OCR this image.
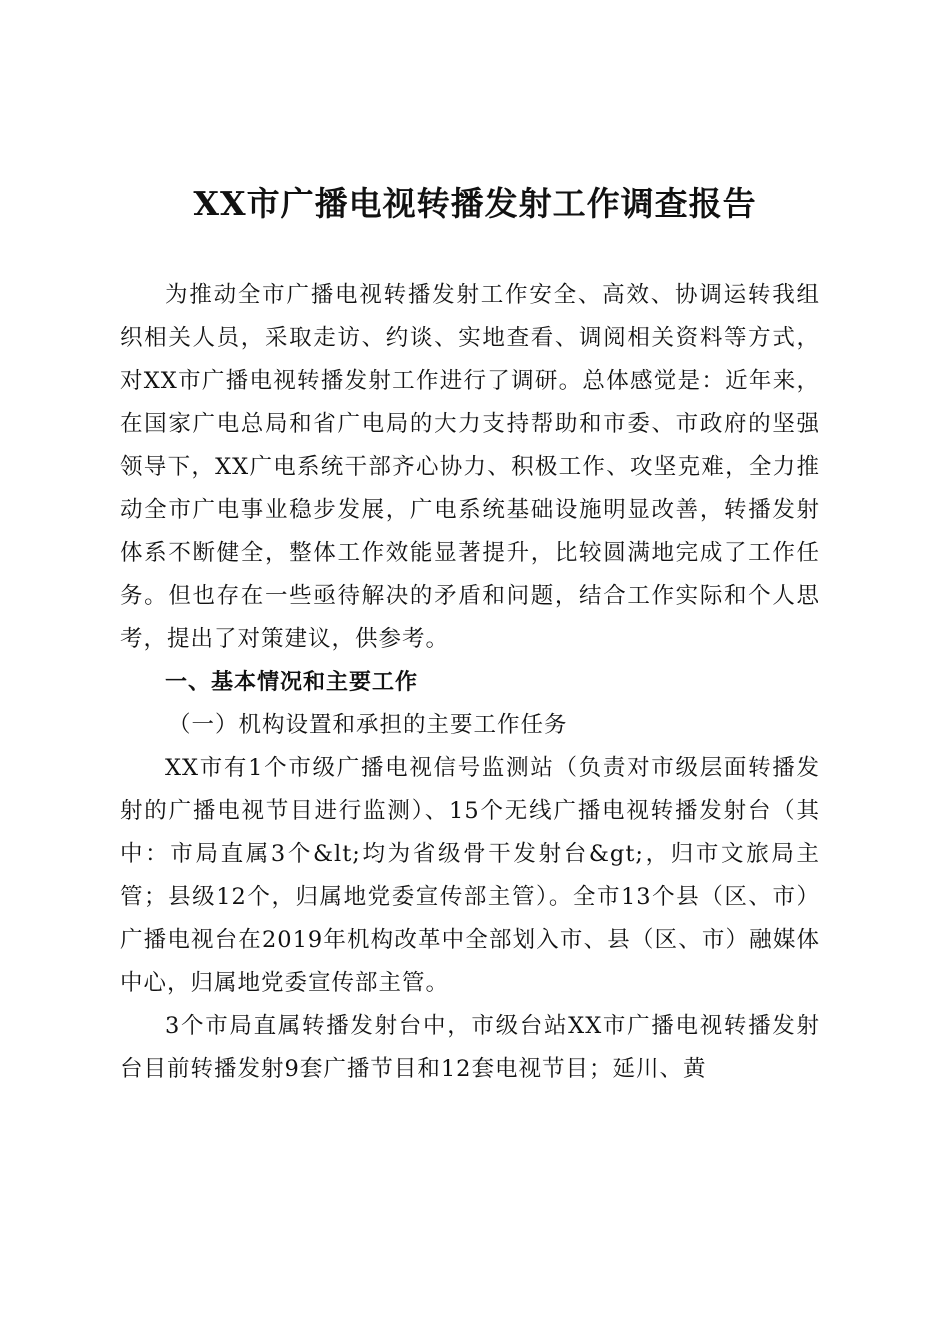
XX市广播电视转播发射工作调查报告

为推动全市广播电视转播发射工作安全、高效、协调运转我组织相关人员，采取走访、约谈、实地查看、调阅相关资料等方式，对XX市广播电视转播发射工作进行了调研。总体感觉是：近年来，在国家广电总局和省广电局的大力支持帮助和市委、市政府的坚强领导下，XX广电系统干部齐心协力、积极工作、攻坚克难，全力推动全市广电事业稳步发展，广电系统基础设施明显改善，转播发射体系不断健全，整体工作效能显著提升，比较圆满地完成了工作任务。但也存在一些亟待解决的矛盾和问题，结合工作实际和个人思考，提出了对策建议，供参考。

一、基本情况和主要工作
（一）机构设置和承担的主要工作任务

XX市有1个市级广播电视信号监测站（负责对市级层面转播发射的广播电视节目进行监测）、15个无线广播电视转播发射台（其中：市局直属3个&lt;均为省级骨干发射台&gt;，归市文旅局主管；县级12个，归属地党委宣传部主管）。全市13个县（区、市）广播电视台在2019年机构改革中全部划入市、县（区、市）融媒体中心，归属地党委宣传部主管。

3个市局直属转播发射台中，市级台站XX市广播电视转播发射台目前转播发射9套广播节目和12套电视节目；延川、黄
